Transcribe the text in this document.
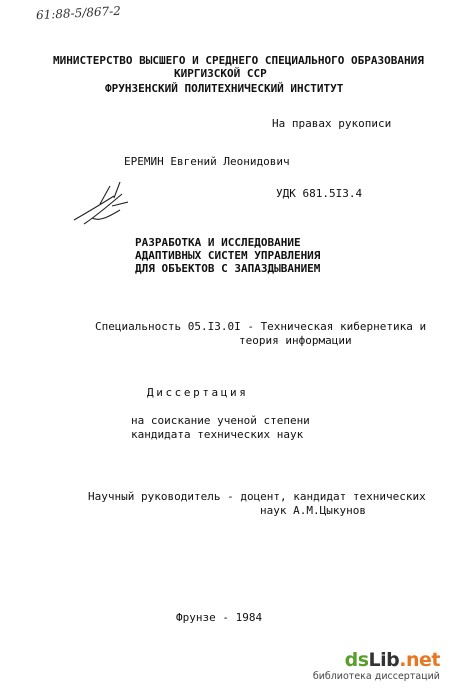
61:88-5/867-2
МИНИСТЕРСТВО ВЫСШЕГО И СРЕДНЕГО СПЕЦИАЛЬНОГО ОБРАЗОВАНИЯ
КИРГИЗСКОЙ ССР
ФРУНЗЕНСКИЙ ПОЛИТЕХНИЧЕСКИЙ ИНСТИТУТ
На правах рукописи
ЕРЕМИН Евгений Леонидович
УДК 681.5I3.4
РАЗРАБОТКА И ИССЛЕДОВАНИЕ
АДАПТИВНЫХ СИСТЕМ УПРАВЛЕНИЯ
ДЛЯ ОБЪЕКТОВ С ЗАПАЗДЫВАНИЕМ
Специальность 05.I3.0I - Техническая кибернетика и
теория информации
Диссертация
на соискание ученой степени
кандидата технических наук
Научный руководитель - доцент, кандидат технических
наук А.М.Цыкунов
Фрунзе - 1984
dsLib.net
библиотека диссертаций
